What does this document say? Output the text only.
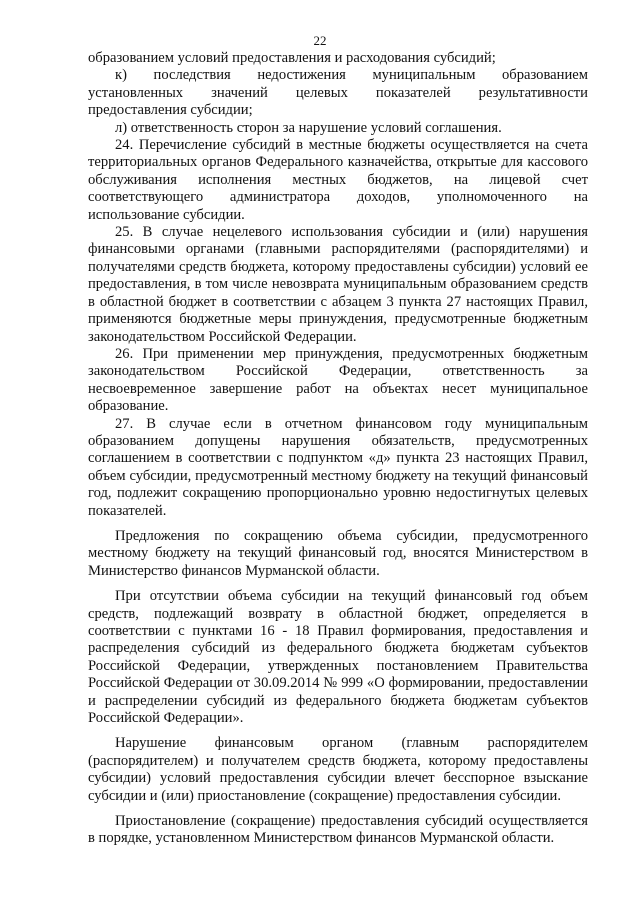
22

образованием условий предоставления и расходования субсидий;

к) последствия недостижения муниципальным образованием установленных значений целевых показателей результативности предоставления субсидии;

л) ответственность сторон за нарушение условий соглашения.

24. Перечисление субсидий в местные бюджеты осуществляется на счета территориальных органов Федерального казначейства, открытые для кассового обслуживания исполнения местных бюджетов, на лицевой счет соответствующего администратора доходов, уполномоченного на использование субсидии.

25. В случае нецелевого использования субсидии и (или) нарушения финансовыми органами (главными распорядителями (распорядителями) и получателями средств бюджета, которому предоставлены субсидии) условий ее предоставления, в том числе невозврата муниципальным образованием средств в областной бюджет в соответствии с абзацем 3 пункта 27 настоящих Правил, применяются бюджетные меры принуждения, предусмотренные бюджетным законодательством Российской Федерации.

26. При применении мер принуждения, предусмотренных бюджетным законодательством Российской Федерации, ответственность за несвоевременное завершение работ на объектах несет муниципальное образование.

27. В случае если в отчетном финансовом году муниципальным образованием допущены нарушения обязательств, предусмотренных соглашением в соответствии с подпунктом «д» пункта 23 настоящих Правил, объем субсидии, предусмотренный местному бюджету на текущий финансовый год, подлежит сокращению пропорционально уровню недостигнутых целевых показателей.

Предложения по сокращению объема субсидии, предусмотренного местному бюджету на текущий финансовый год, вносятся Министерством в Министерство финансов Мурманской области.

При отсутствии объема субсидии на текущий финансовый год объем средств, подлежащий возврату в областной бюджет, определяется в соответствии с пунктами 16 - 18 Правил формирования, предоставления и распределения субсидий из федерального бюджета бюджетам субъектов Российской Федерации, утвержденных постановлением Правительства Российской Федерации от 30.09.2014 № 999 «О формировании, предоставлении и распределении субсидий из федерального бюджета бюджетам субъектов Российской Федерации».

Нарушение финансовым органом (главным распорядителем (распорядителем) и получателем средств бюджета, которому предоставлены субсидии) условий предоставления субсидии влечет бесспорное взыскание субсидии и (или) приостановление (сокращение) предоставления субсидии.

Приостановление (сокращение) предоставления субсидий осуществляется в порядке, установленном Министерством финансов Мурманской области.
